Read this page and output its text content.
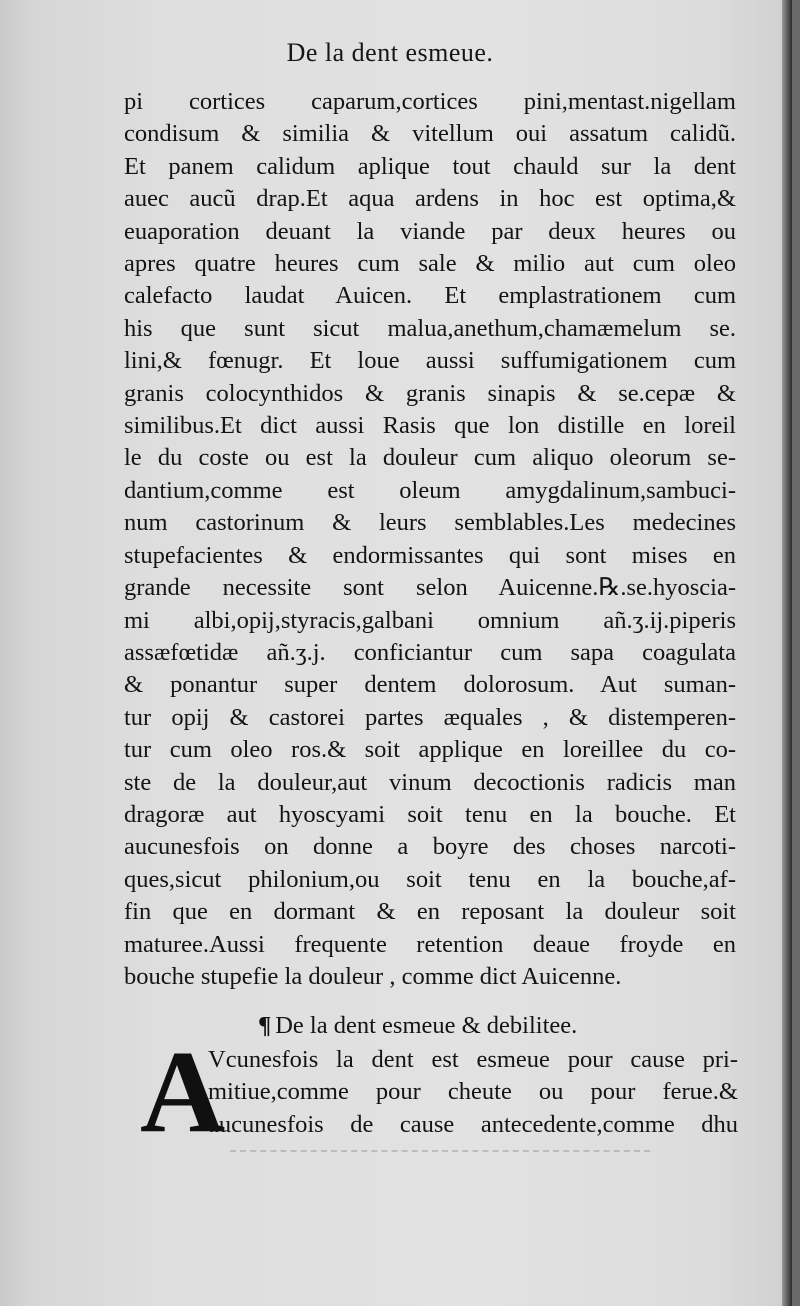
De la dent esmeue.
pi cortices caparum,cortices pini,mentast.nigellam
condisum & similia & vitellum oui assatum calidũ.
Et panem calidum aplique tout chauld sur la dent
auec aucũ drap.Et aqua ardens in hoc est optima,&
euaporation deuant la viande par deux heures ou
apres quatre heures cum sale & milio aut cum oleo
calefacto laudat Auicen. Et emplastrationem cum
his que sunt sicut malua,anethum,chamæmelum se.
lini,& fœnugr. Et loue aussi suffumigationem cum
granis colocynthidos & granis sinapis & se.cepæ &
similibus.Et dict aussi Rasis que lon distille en loreil
le du coste ou est la douleur cum aliquo oleorum se-
dantium,comme est oleum amygdalinum,sambuci-
num castorinum & leurs semblables.Les medecines
stupefacientes & endormissantes qui sont mises en
grande necessite sont selon Auicenne.℞.se.hyoscia-
mi albi,opij,styracis,galbani omnium añ.ʒ.ij.piperis
assæfœtidæ añ.ʒ.j. conficiantur cum sapa coagulata
& ponantur super dentem dolorosum. Aut suman-
tur opij & castorei partes æquales , & distemperen-
tur cum oleo ros.& soit applique en loreillee du co-
ste de la douleur,aut vinum decoctionis radicis man
dragoræ aut hyoscyami soit tenu en la bouche. Et
aucunesfois on donne a boyre des choses narcoti-
ques,sicut philonium,ou soit tenu en la bouche,af-
fin que en dormant & en reposant la douleur soit
maturee.Aussi frequente retention deaue froyde en
bouche stupefie la douleur , comme dict Auicenne.
¶ De la dent esmeue & debilitee.
A
Vcunesfois la dent est esmeue pour cause pri-
mitiue,comme pour cheute ou pour ferue.&
aucunesfois de cause antecedente,comme dhu
